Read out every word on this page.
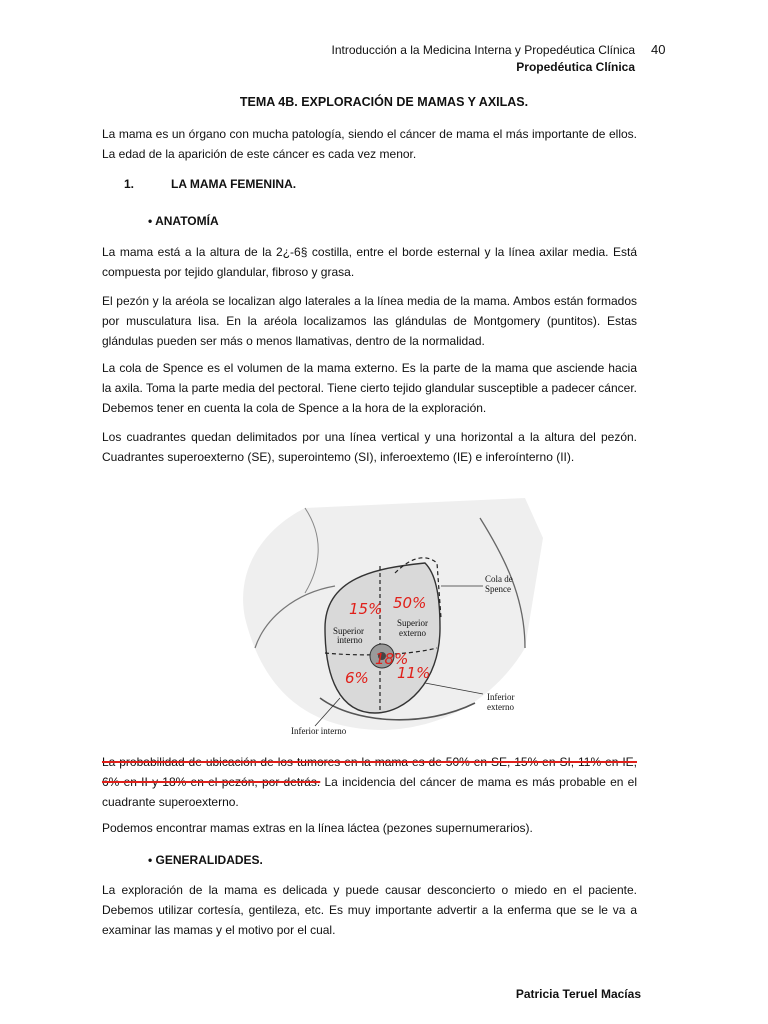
Introducción a la Medicina Interna y Propedéutica Clínica 40
Propedéutica Clínica
TEMA 4B. EXPLORACIÓN DE MAMAS Y AXILAS.
La mama es un órgano con mucha patología, siendo el cáncer de mama el más importante de ellos. La edad de la aparición de este cáncer es cada vez menor.
1.	LA MAMA FEMENINA.
• ANATOMÍA
La mama está a la altura de la 2¿-6§ costilla, entre el borde esternal y la línea axilar media. Está compuesta por tejido glandular, fibroso y grasa.
El pezón y la aréola se localizan algo laterales a la línea media de la mama. Ambos están formados por musculatura lisa. En la aréola localizamos las glándulas de Montgomery (puntitos). Estas glándulas pueden ser más o menos llamativas, dentro de la normalidad.
La cola de Spence es el volumen de la mama externo. Es la parte de la mama que asciende hacia la axila. Toma la parte media del pectoral. Tiene cierto tejido glandular susceptible a padecer cáncer. Debemos tener en cuenta la cola de Spence a la hora de la exploración.
Los cuadrantes quedan delimitados por una línea vertical y una horizontal a la altura del pezón. Cuadrantes superoexterno (SE), superointemo (SI), inferoextemo (IE) e inferoínterno (II).
Cola de
Spence
Superior
interno
Superior
externo
Inferior
externo
Inferior interno
15% 50%
18%
6% 11%
La probabilidad de ubicación de los tumores en la mama es de 50% en SE, 15% en SI, 11% en IE, 6% en II y 18% en el pezón, por detrás. La incidencia del cáncer de mama es más probable en el cuadrante superoexterno.
Podemos encontrar mamas extras en la línea láctea (pezones supernumerarios).
• GENERALIDADES.
La exploración de la mama es delicada y puede causar desconcierto o miedo en el paciente. Debemos utilizar cortesía, gentileza, etc. Es muy importante advertir a la enferma que se le va a examinar las mamas y el motivo por el cual.
Patricia Teruel Macías
